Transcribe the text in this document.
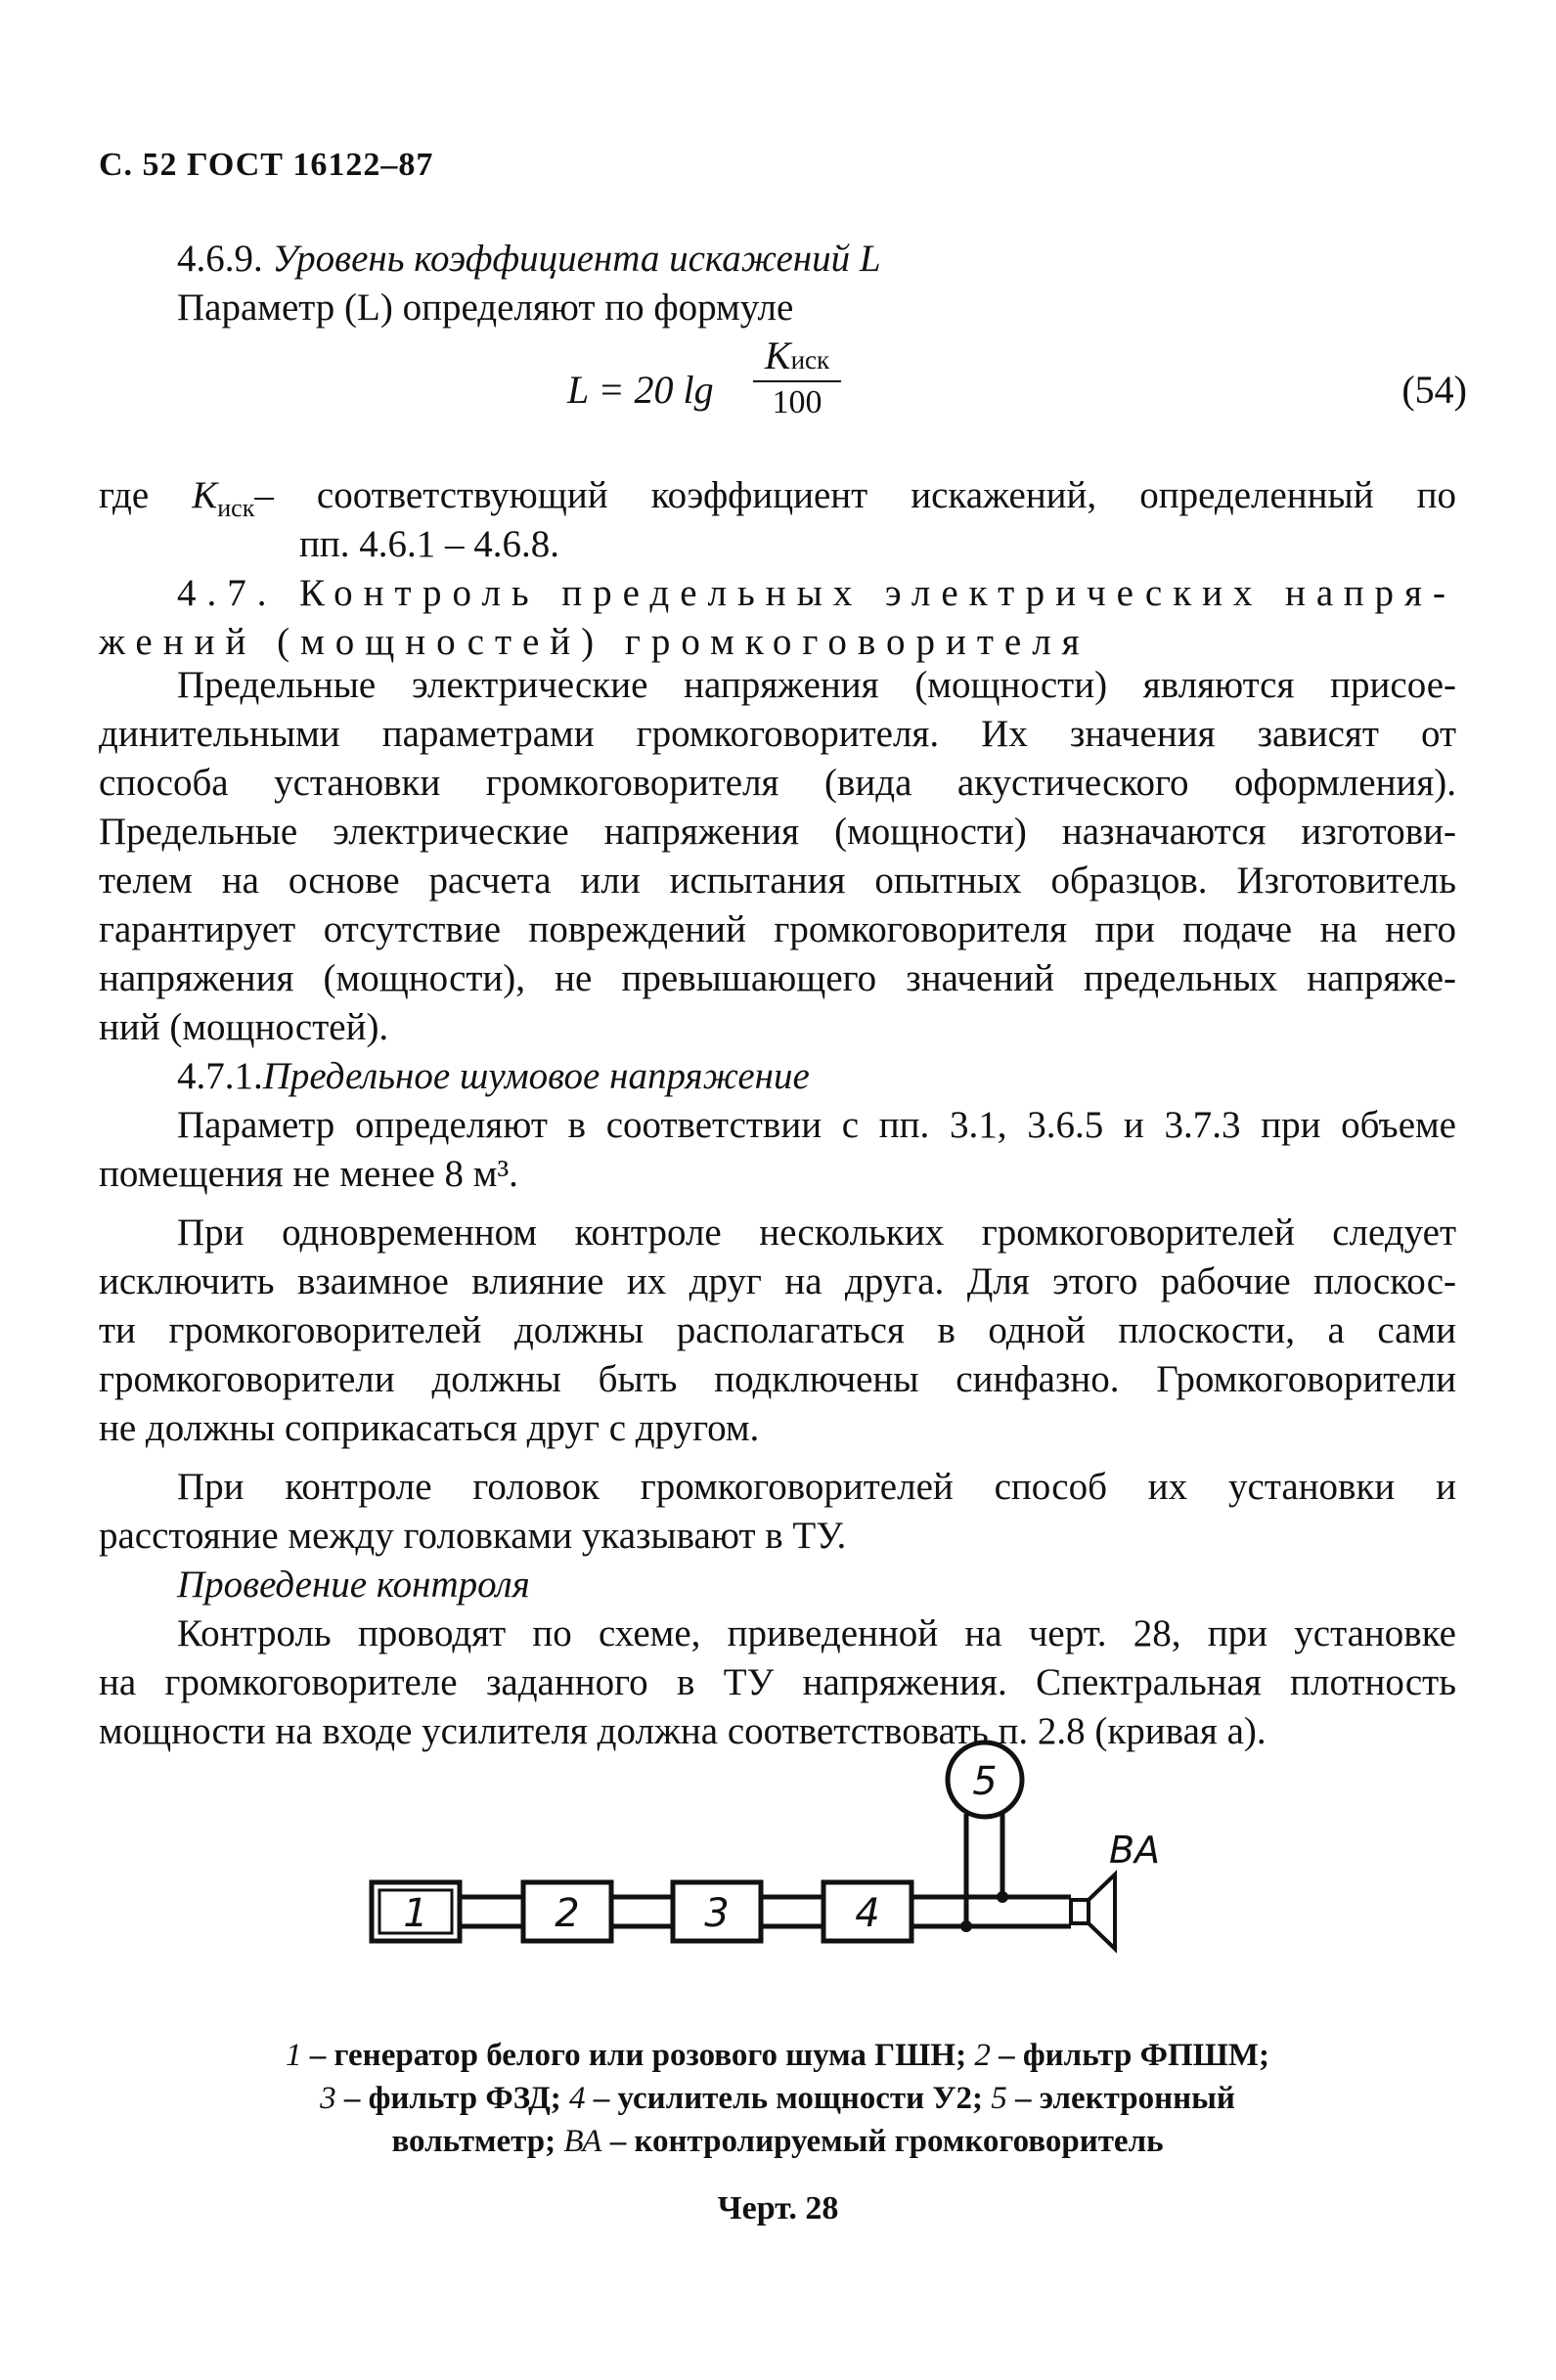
С. 52 ГОСТ 16122–87
4.6.9. Уровень коэффициента искажений L
Параметр (L) определяют по формуле
L = 20 lg
Kиск
100	(54)
где $K_{иск}-$ соответствующий коэффициент искажений, определенный по
пп. 4.6.1 – 4.6.8.
4.7. Контроль предельных электрических напря-
жений (мощностей) громкоговорителя
Предельные электрические напряжения (мощности) являются присое-
динительными параметрами громкоговорителя. Их значения зависят от
способа установки громкоговорителя (вида акустического оформления).
Предельные электрические напряжения (мощности) назначаются изготови-
телем на основе расчета или испытания опытных образцов. Изготовитель
гарантирует отсутствие повреждений громкоговорителя при подаче на него
напряжения (мощности), не превышающего значений предельных напряже-
ний (мощностей).
4.7.1.Предельное шумовое напряжение
Параметр определяют в соответствии с пп. 3.1, 3.6.5 и 3.7.3 при объеме
помещения не менее 8 м³.
При одновременном контроле нескольких громкоговорителей следует
исключить взаимное влияние их друг на друга. Для этого рабочие плоскос-
ти громкоговорителей должны располагаться в одной плоскости, а сами
громкоговорители должны быть подключены синфазно. Громкоговорители
не должны соприкасаться друг с другом.
При контроле головок громкоговорителей способ их установки и
расстояние между головками указывают в ТУ.
Проведение контроля
Контроль проводят по схеме, приведенной на черт. 28, при установке
на громкоговорителе заданного в ТУ напряжения. Спектральная плотность
мощности на входе усилителя должна соответствовать п. 2.8 (кривая а).
1	2	3	4
5
ВА
1 – генератор белого или розового шума ГШН; 2 – фильтр ФПШМ;
3 – фильтр ФЗД; 4 – усилитель мощности У2; 5 – электронный
вольтметр; ВА – контролируемый громкоговоритель
Черт. 28
